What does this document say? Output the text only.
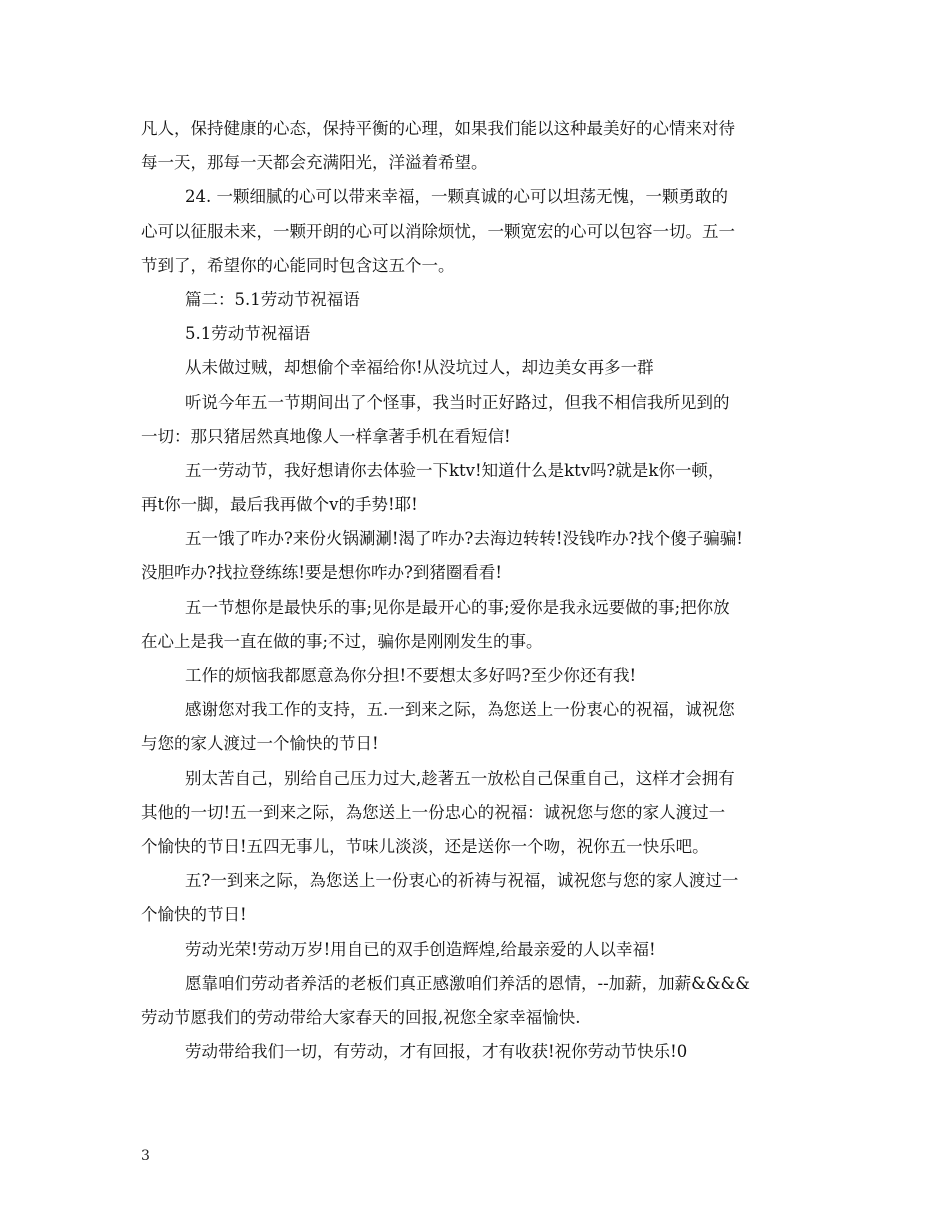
凡人，保持健康的心态，保持平衡的心理，如果我们能以这种最美好的心情来对待
每一天，那每一天都会充满阳光，洋溢着希望。
24. 一颗细腻的心可以带来幸福，一颗真诚的心可以坦荡无愧，一颗勇敢的
心可以征服未来，一颗开朗的心可以消除烦忧，一颗宽宏的心可以包容一切。五一
节到了，希望你的心能同时包含这五个一。
篇二：5.1劳动节祝福语
5.1劳动节祝福语
从未做过贼，却想偷个幸福给你!从没坑过人，却边美女再多一群
听说今年五一节期间出了个怪事，我当时正好路过，但我不相信我所见到的
一切：那只猪居然真地像人一样拿著手机在看短信!
五一劳动节，我好想请你去体验一下ktv!知道什么是ktv吗?就是k你一顿，
再t你一脚，最后我再做个v的手势!耶!
五一饿了咋办?来份火锅涮涮!渴了咋办?去海边转转!没钱咋办?找个傻子骗骗!
没胆咋办?找拉登练练!要是想你咋办?到猪圈看看!
五一节想你是最快乐的事;见你是最开心的事;爱你是我永远要做的事;把你放
在心上是我一直在做的事;不过，骗你是刚刚发生的事。
工作的烦恼我都愿意為你分担!不要想太多好吗?至少你还有我!
感谢您对我工作的支持，五.一到来之际，為您送上一份衷心的祝福，诚祝您
与您的家人渡过一个愉快的节日!
别太苦自己，别给自己压力过大,趁著五一放松自己保重自己，这样才会拥有
其他的一切!五一到来之际，為您送上一份忠心的祝福：诚祝您与您的家人渡过一
个愉快的节日!五四无事儿，节味儿淡淡，还是送你一个吻，祝你五一快乐吧。
五?一到来之际，為您送上一份衷心的祈祷与祝福，诚祝您与您的家人渡过一
个愉快的节日!
劳动光荣!劳动万岁!用自已的双手创造辉煌,给最亲爱的人以幸福!
愿靠咱们劳动者养活的老板们真正感激咱们养活的恩情，--加薪，加薪&&&&
劳动节愿我们的劳动带给大家春天的回报,祝您全家幸福愉快.
劳动带给我们一切，有劳动，才有回报，才有收获!祝你劳动节快乐!0
3
